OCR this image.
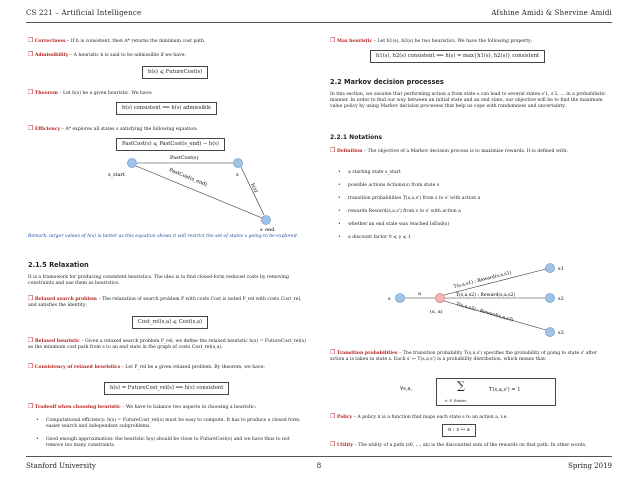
CS 221 – Artificial Intelligence	Afshine Amidi & Shervine Amidi
❒ Correctness – If h is consistent, then A* returns the minimum cost path.
❒ Admissibility – A heuristic h is said to be admissible if we have:
h(s) ⩽ FutureCost(s)
❒ Theorem – Let h(s) be a given heuristic. We have:
h(s) consistent ⟹ h(s) admissible
❒ Efficiency – A* explores all states s satisfying the following equation:
PastCost(s) ⩽ PastCost(s_end) − h(s)
PastCost(s)
PastCost(s_end)	h(s)
s_start	s
s_end
Remark: larger values of h(s) is better as this equation shows it will restrict the set of states s going to be explored.
2.1.5 Relaxation
It is a framework for producing consistent heuristics. The idea is to find closed-form reduced costs by removing constraints and use them as heuristics.
❒ Relaxed search problem – The relaxation of search problem P with costs Cost is noted P_rel with costs Cost_rel, and satisfies the identity:
Cost_rel(s,a) ⩽ Cost(s,a)
❒ Relaxed heuristic – Given a relaxed search problem P_rel, we define the relaxed heuristic h(s) = FutureCost_rel(s) as the minimum cost path from s to an end state in the graph of costs Cost_rel(s,a).
❒ Consistency of relaxed heuristics – Let P_rel be a given relaxed problem. By theorem, we have:
h(s) = FutureCost_rel(s) ⟹ h(s) consistent
❒ Tradeoff when choosing heuristic – We have to balance two aspects in choosing a heuristic:
• Computational efficiency: h(s) = FutureCost_rel(s) must be easy to compute. It has to produce a closed form, easier search and independent subproblems.
• Good enough approximation: the heuristic h(s) should be close to FutureCost(s) and we have thus to not remove too many constraints.
❒ Max heuristic – Let h1(s), h2(s) be two heuristics. We have the following property:
h1(s), h2(s) consistent ⟹ h(s) = max{h1(s), h2(s)} consistent
2.2 Markov decision processes
In this section, we assume that performing action a from state s can lead to several states s'1, s'2, ... in a probabilistic manner. In order to find our way between an initial state and an end state, our objective will be to find the maximum value policy by using Markov decision processes that help us cope with randomness and uncertainty.
2.2.1 Notations
❒ Definition – The objective of a Markov decision process is to maximize rewards. It is defined with:
• a starting state s_start
• possible actions Actions(s) from state s
• transition probabilities T(s,a,s') from s to s' with action a
• rewards Reward(s,a,s') from s to s' with action a
• whether an end state was reached IsEnd(s)
• a discount factor 0 ⩽ γ ⩽ 1
s
a
(s, a)
s1
s2
s3
T(s,a,s1) : Reward(s,a,s1)
T(s,a,s2) : Reward(s,a,s2)
T(s,a,s3) : Reward(s,a,s3)
❒ Transition probabilities – The transition probability T(s,a,s') specifies the probability of going to state s' after action a is taken in state s. Each s' ↦ T(s,a,s') is a probability distribution, which means that:
∀s,a,	∑
s' ∈ States
T(s,a,s') = 1
❒ Policy – A policy π is a function that maps each state s to an action a, i.e.
π : s ↦ a
❒ Utility – The utility of a path (s0, ..., sk) is the discounted sum of the rewards on that path. In other words,
Stanford University	8	Spring 2019
